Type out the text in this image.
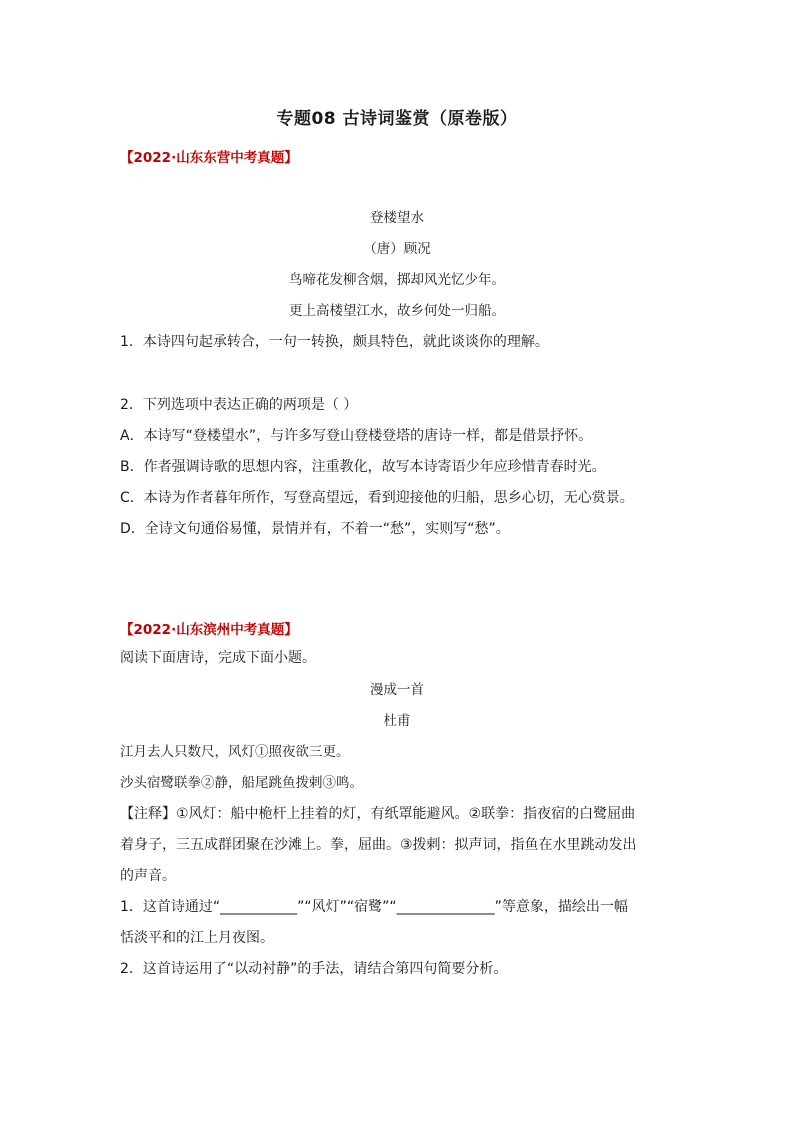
专题08 古诗词鉴赏（原卷版）
【2022·山东东营中考真题】
登楼望水
（唐）顾况
鸟啼花发柳含烟，掷却风光忆少年。
更上高楼望江水，故乡何处一归船。
1．本诗四句起承转合，一句一转换，颇具特色，就此谈谈你的理解。
2．下列选项中表达正确的两项是（ ）
A．本诗写“登楼望水”，与许多写登山登楼登塔的唐诗一样，都是借景抒怀。
B．作者强调诗歌的思想内容，注重教化，故写本诗寄语少年应珍惜青春时光。
C．本诗为作者暮年所作，写登高望远，看到迎接他的归船，思乡心切，无心赏景。
D．全诗文句通俗易懂，景情并有，不着一“愁”，实则写“愁”。
【2022·山东滨州中考真题】
阅读下面唐诗，完成下面小题。
漫成一首
杜甫
江月去人只数尺，风灯①照夜欲三更。
沙头宿鹭联拳②静，船尾跳鱼拨剌③鸣。
【注释】①风灯：船中桅杆上挂着的灯，有纸罩能避风。②联拳：指夜宿的白鹭屈曲
着身子，三五成群团聚在沙滩上。拳，屈曲。③拨剌：拟声词，指鱼在水里跳动发出
的声音。
1．这首诗通过“___________”“风灯”“宿鹭”“______________”等意象，描绘出一幅
恬淡平和的江上月夜图。
2．这首诗运用了“以动衬静”的手法，请结合第四句简要分析。
